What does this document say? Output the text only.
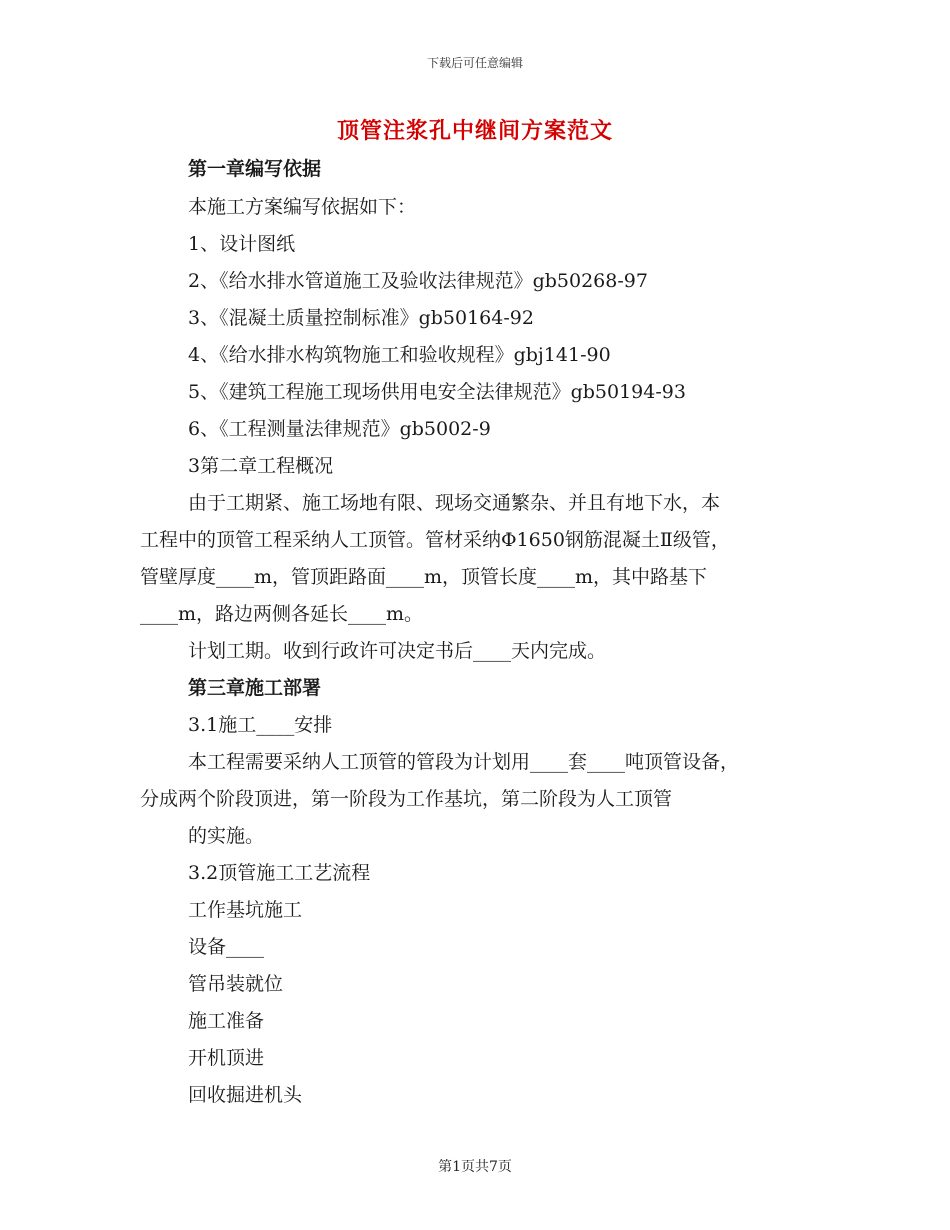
下载后可任意编辑
顶管注浆孔中继间方案范文
第一章编写依据
本施工方案编写依据如下：
1、设计图纸
2、《给水排水管道施工及验收法律规范》gb50268-97
3、《混凝土质量控制标准》gb50164-92
4、《给水排水构筑物施工和验收规程》gbj141-90
5、《建筑工程施工现场供用电安全法律规范》gb50194-93
6、《工程测量法律规范》gb5002-9
3第二章工程概况
由于工期紧、施工场地有限、现场交通繁杂、并且有地下水，本
工程中的顶管工程采纳人工顶管。管材采纳Φ1650钢筋混凝土Ⅱ级管，
管壁厚度____m，管顶距路面____m，顶管长度____m，其中路基下
____m，路边两侧各延长____m。
计划工期。收到行政许可决定书后____天内完成。
第三章施工部署
3.1施工____安排
本工程需要采纳人工顶管的管段为计划用____套____吨顶管设备，
分成两个阶段顶进，第一阶段为工作基坑，第二阶段为人工顶管
的实施。
3.2顶管施工工艺流程
工作基坑施工
设备____
管吊装就位
施工准备
开机顶进
回收掘进机头
第1页共7页
